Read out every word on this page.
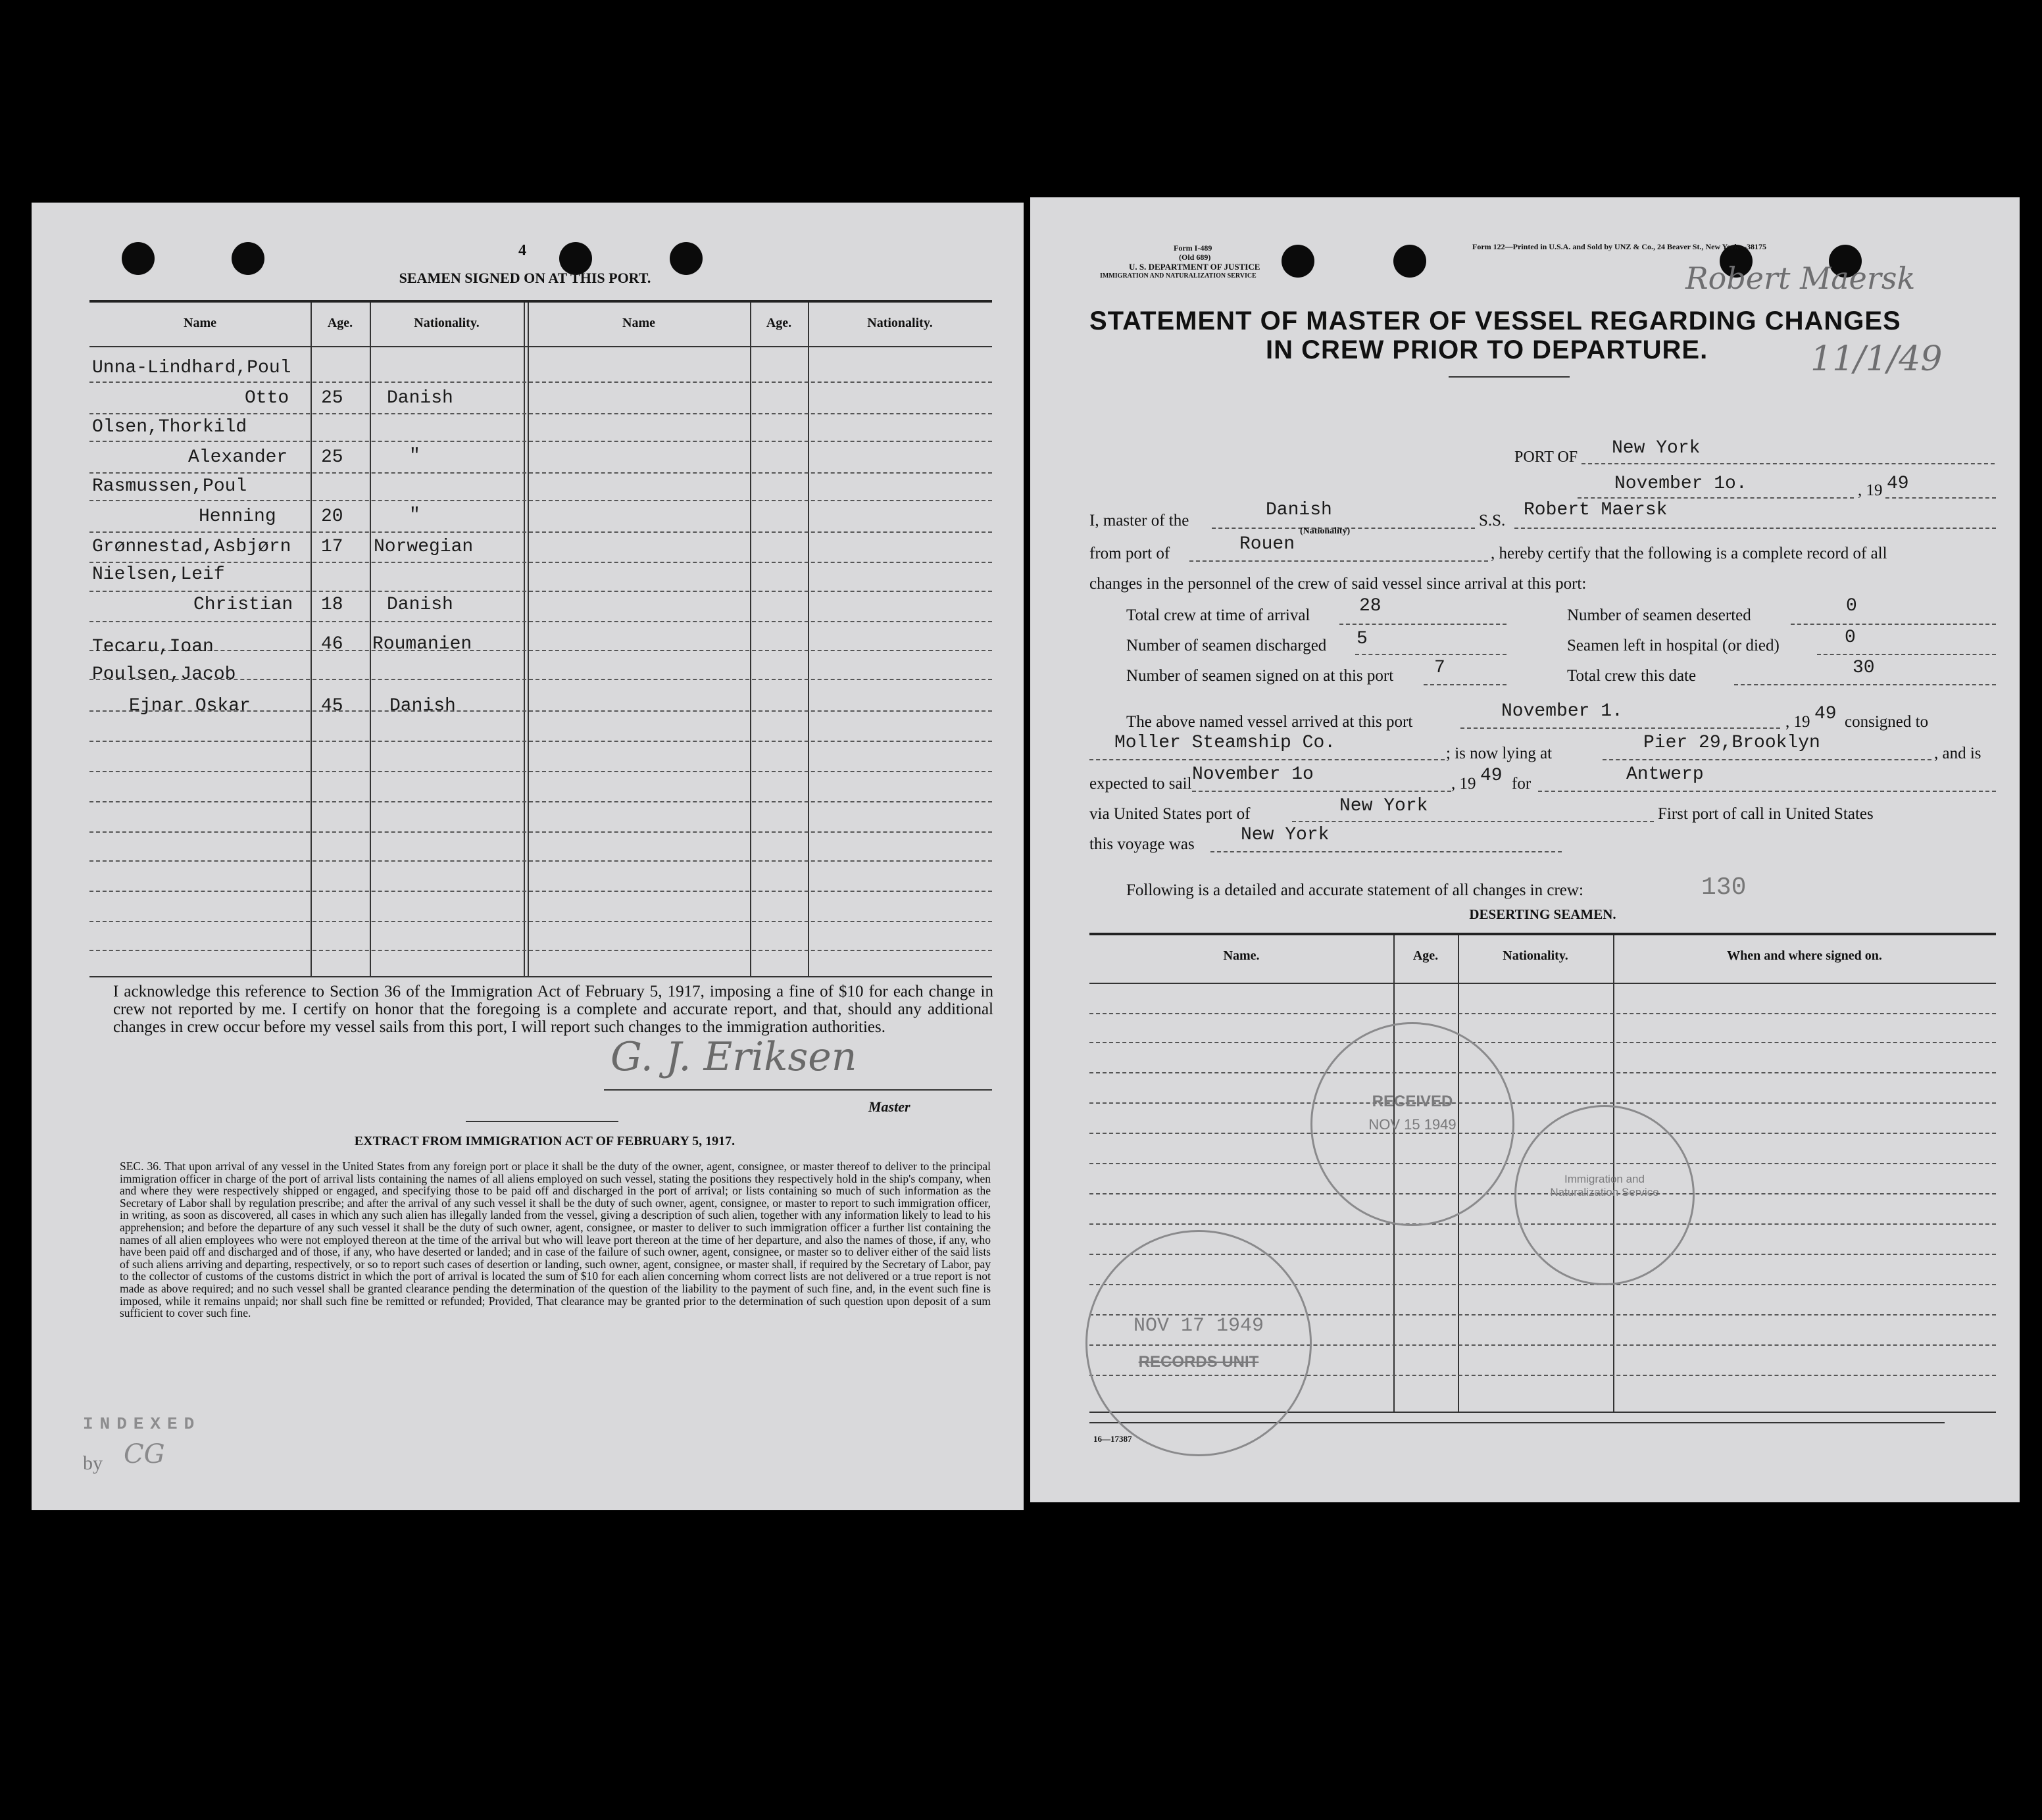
4
SEAMEN SIGNED ON AT THIS PORT.
Name	Age.	Nationality.	Name	Age.	Nationality.
Unna-Lindhard,Poul
Otto 25 Danish
Olsen,Thorkild
Alexander 25	"
Rasmussen,Poul
Henning 20	"
Grønnestad,Asbjørn 17 Norwegian
Nielsen,Leif
Christian 18 Danish
Tecaru,Ioan	46 Roumanien
Poulsen,Jacob
Ejnar Oskar	45	Danish
I acknowledge this reference to Section 36 of the Immigration Act of February 5, 1917, imposing a fine of $10 for each change in crew not reported by me. I certify on honor that the foregoing is a complete and accurate report, and that, should any additional changes in crew occur before my vessel sails from this port, I will report such changes to the immigration authorities.
G. J. Eriksen
Master
EXTRACT FROM IMMIGRATION ACT OF FEBRUARY 5, 1917.
SEC. 36. That upon arrival of any vessel in the United States from any foreign port or place it shall be the duty of the owner, agent, consignee, or master thereof to deliver to the principal immigration officer in charge of the port of arrival lists containing the names of all aliens employed on such vessel, stating the positions they respectively hold in the ship's company, when and where they were respectively shipped or engaged, and specifying those to be paid off and discharged in the port of arrival; or lists containing so much of such information as the Secretary of Labor shall by regulation prescribe; and after the arrival of any such vessel it shall be the duty of such owner, agent, consignee, or master to report to such immigration officer, in writing, as soon as discovered, all cases in which any such alien has illegally landed from the vessel, giving a description of such alien, together with any information likely to lead to his apprehension; and before the departure of any such vessel it shall be the duty of such owner, agent, consignee, or master to deliver to such immigration officer a further list containing the names of all alien employees who were not employed thereon at the time of the arrival but who will leave port thereon at the time of her departure, and also the names of those, if any, who have been paid off and discharged and of those, if any, who have deserted or landed; and in case of the failure of such owner, agent, consignee, or master so to deliver either of the said lists of such aliens arriving and departing, respectively, or so to report such cases of desertion or landing, such owner, agent, consignee, or master shall, if required by the Secretary of Labor, pay to the collector of customs of the customs district in which the port of arrival is located the sum of $10 for each alien concerning whom correct lists are not delivered or a true report is not made as above required; and no such vessel shall be granted clearance pending the determination of the question of the liability to the payment of such fine, and, in the event such fine is imposed, while it remains unpaid; nor shall such fine be remitted or refunded; Provided, That clearance may be granted prior to the determination of such question upon deposit of a sum sufficient to cover such fine.
INDEXED
by CG
Form I-489
(Old 689)
U. S. DEPARTMENT OF JUSTICE
IMMIGRATION AND NATURALIZATION SERVICE
Form 122—Printed in U.S.A. and Sold by UNZ & Co., 24 Beaver St., New York—38175
Robert Maersk
11/1/49
STATEMENT OF MASTER OF VESSEL REGARDING CHANGES
IN CREW PRIOR TO DEPARTURE.
PORT OF New York
November 1o.	, 19 49
I, master of the
Danish
(Nationality)
S.S.
Robert Maersk
from port of	Rouen	, hereby certify that the following is a complete record of all
changes in the personnel of the crew of said vessel since arrival at this port:
Total crew at time of arrival	28	Number of seamen deserted	0
Number of seamen discharged 5	Seamen left in hospital (or died)	0
Number of seamen signed on at this port 7	Total crew this date	30
The above named vessel arrived at this port
November 1.
, 19 49 consigned to
Moller Steamship Co.
; is now lying at
Pier 29,Brooklyn
, and is
expected to sail November 1o	, 19 49 for	Antwerp
via United States port of	New York	First port of call in United States
this voyage was	New York
Following is a detailed and accurate statement of all changes in crew:	130
DESERTING SEAMEN.
Name.	Age.	Nationality.	When and where signed on.
RECEIVED
NOV 15 1949
Immigration and Naturalization Service
NOV 17 1949
RECORDS UNIT
16—17387
